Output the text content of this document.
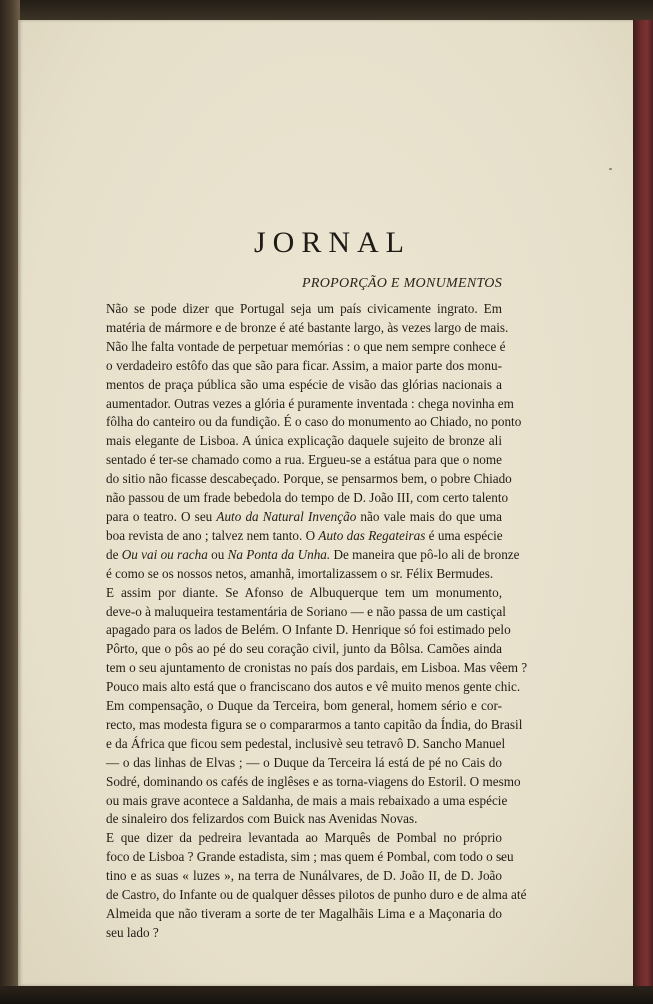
JORNAL
PROPORÇÃO E MONUMENTOS

Não se pode dizer que Portugal seja um país civicamente ingrato. Em
matéria de mármore e de bronze é até bastante largo, às vezes largo de mais.
Não lhe falta vontade de perpetuar memórias : o que nem sempre conhece é
o verdadeiro estôfo das que são para ficar. Assim, a maior parte dos monu-
mentos de praça pública são uma espécie de visão das glórias nacionais a
aumentador. Outras vezes a glória é puramente inventada : chega novinha em
fôlha do canteiro ou da fundição. É o caso do monumento ao Chiado, no ponto
mais elegante de Lisboa. A única explicação daquele sujeito de bronze ali
sentado é ter-se chamado como a rua. Ergueu-se a estátua para que o nome
do sitio não ficasse descabeçado. Porque, se pensarmos bem, o pobre Chiado
não passou de um frade bebedola do tempo de D. João III, com certo talento
para o teatro. O seu Auto da Natural Invenção não vale mais do que uma
boa revista de ano ; talvez nem tanto. O Auto das Regateiras é uma espécie
de Ou vai ou racha ou Na Ponta da Unha. De maneira que pô-lo ali de bronze
é como se os nossos netos, amanhã, imortalizassem o sr. Félix Bermudes.

E assim por diante. Se Afonso de Albuquerque tem um monumento,
deve-o à maluqueira testamentária de Soriano — e não passa de um castiçal
apagado para os lados de Belém. O Infante D. Henrique só foi estimado pelo
Pôrto, que o pôs ao pé do seu coração civil, junto da Bôlsa. Camões ainda
tem o seu ajuntamento de cronistas no país dos pardais, em Lisboa. Mas vêem ?
Pouco mais alto está que o franciscano dos autos e vê muito menos gente chic.

Em compensação, o Duque da Terceira, bom general, homem sério e cor-
recto, mas modesta figura se o compararmos a tanto capitão da Índia, do Brasil
e da África que ficou sem pedestal, inclusivè seu tetravô D. Sancho Manuel
— o das linhas de Elvas ; — o Duque da Terceira lá está de pé no Cais do
Sodré, dominando os cafés de inglêses e as torna-viagens do Estoril. O mesmo
ou mais grave acontece a Saldanha, de mais a mais rebaixado a uma espécie
de sinaleiro dos felizardos com Buick nas Avenidas Novas.

E que dizer da pedreira levantada ao Marquês de Pombal no próprio
foco de Lisboa ? Grande estadista, sim ; mas quem é Pombal, com todo o seu
tino e as suas « luzes », na terra de Nunálvares, de D. João II, de D. João
de Castro, do Infante ou de qualquer dêsses pilotos de punho duro e de alma até
Almeida que não tiveram a sorte de ter Magalhãis Lima e a Maçonaria do
seu lado ?
